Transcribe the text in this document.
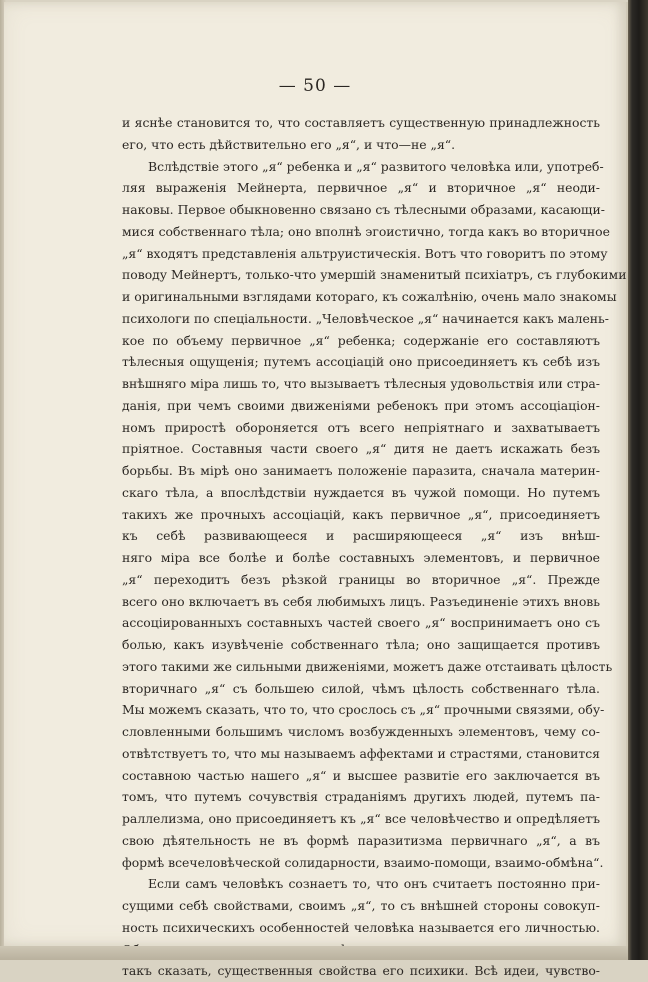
— 50 —
и яснѣе становится то, что составляетъ существенную принадлежность
его, что есть дѣйствительно его „я“, и что—не „я“.
Вслѣдствіе этого „я“ ребенка и „я“ развитого человѣка или, употреб-
ляя выраженія Мейнерта, первичное „я“ и вторичное „я“ неоди-
наковы. Первое обыкновенно связано съ тѣлесными образами, касающи-
мися собственнаго тѣла; оно вполнѣ эгоистично, тогда какъ во вторичное
„я“ входятъ представленія альтруистическія. Вотъ что говоритъ по этому
поводу Мейнертъ, только-что умершій знаменитый психіатръ, съ глубокими
и оригинальными взглядами котораго, къ сожалѣнію, очень мало знакомы
психологи по спеціальности. „Человѣческое „я“ начинается какъ малень-
кое по объему первичное „я“ ребенка; содержаніе его составляютъ
тѣлесныя ощущенія; путемъ ассоціацій оно присоединяетъ къ себѣ изъ
внѣшняго міра лишь то, что вызываетъ тѣлесныя удовольствія или стра-
данія, при чемъ своими движеніями ребенокъ при этомъ ассоціаціон-
номъ приростѣ обороняется отъ всего непріятнаго и захватываетъ
пріятное. Составныя части своего „я“ дитя не даетъ искажать безъ
борьбы. Въ мірѣ оно занимаетъ положеніе паразита, сначала материн-
скаго тѣла, а впослѣдствіи нуждается въ чужой помощи. Но путемъ
такихъ же прочныхъ ассоціацій, какъ первичное „я“, присоединяетъ
къ себѣ развивающееся и расширяющееся „я“ изъ внѣш-
няго міра все болѣе и болѣе составныхъ элементовъ, и первичное
„я“ переходитъ безъ рѣзкой границы во вторичное „я“. Прежде
всего оно включаетъ въ себя любимыхъ лицъ. Разъединеніе этихъ вновь
ассоціированныхъ составныхъ частей своего „я“ воспринимаетъ оно съ
болью, какъ изувѣченіе собственнаго тѣла; оно защищается противъ
этого такими же сильными движеніями, можетъ даже отстаивать цѣлость
вторичнаго „я“ съ большею силой, чѣмъ цѣлость собственнаго тѣла.
Мы можемъ сказать, что то, что срослось съ „я“ прочными связями, обу-
словленными большимъ числомъ возбужденныхъ элементовъ, чему со-
отвѣтствуетъ то, что мы называемъ аффектами и страстями, становится
составною частью нашего „я“ и высшее развитіе его заключается въ
томъ, что путемъ сочувствія страданіямъ другихъ людей, путемъ па-
раллелизма, оно присоединяетъ къ „я“ все человѣчество и опредѣляетъ
свою дѣятельность не въ формѣ паразитизма первичнаго „я“, а въ
формѣ всечеловѣческой солидарности, взаимо-помощи, взаимо-обмѣна“.
Если самъ человѣкъ сознаетъ то, что онъ считаетъ постоянно при-
сущими себѣ свойствами, своимъ „я“, то съ внѣшней стороны совокуп-
ность психическихъ особенностей человѣка называется его личностью.
такъ сказать, существенныя свойства его психики. Всѣ идеи, чувство-
